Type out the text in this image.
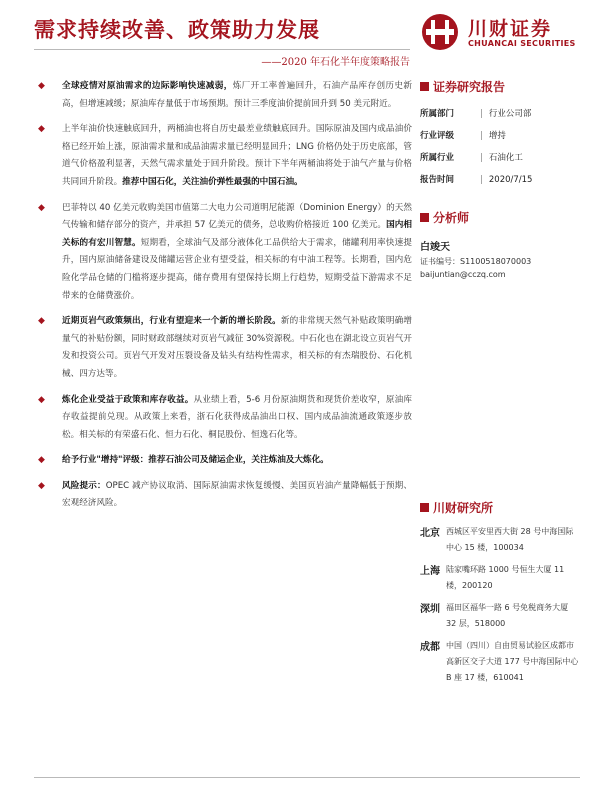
需求持续改善、政策助力发展	川财证券
CHUANCAI SECURITIES
——2020 年石化半年度策略报告
◆ 全球疫情对原油需求的边际影响快速减弱，炼厂开工率普遍回升，石油产品库存创历史新高，但增速减缓；原油库存量低于市场预期。预计三季度油价提前回升到 50 美元附近。
◆ 上半年油价快速触底回升，两桶油也将自历史最差业绩触底回升。国际原油及国内成品油价格已经开始上涨，原油需求量和成品油需求量已经明显回升；LNG 价格仍处于历史底部，管道气价格盈利显著，天然气需求量处于回升阶段。预计下半年两桶油将处于油气产量与价格共同回升阶段。推荐中国石化，关注油价弹性最强的中国石油。
◆ 巴菲特以 40 亿美元收购美国市值第二大电力公司道明尼能源（Dominion Energy）的天然气传输和储存部分的资产，并承担 57 亿美元的债务，总收购价格接近 100 亿美元。国内相关标的有宏川智慧。短期看，全球油气及部分液体化工品供给大于需求，储罐利用率快速提升，国内原油储备建设及储罐运营企业有望受益，相关标的有中油工程等。长期看，国内危险化学品仓储的门槛将逐步提高，储存费用有望保持长期上行趋势，短期受益下游需求不足带来的仓储费涨价。
◆ 近期页岩气政策频出，行业有望迎来一个新的增长阶段。新的非常规天然气补贴政策明确增量气的补贴份额，同时财政部继续对页岩气减征 30%资源税。中石化也在湖北设立页岩气开发和投资公司。页岩气开发对压裂设备及钻头有结构性需求，相关标的有杰瑞股份、石化机械、四方达等。
◆ 炼化企业受益于政策和库存收益。从业绩上看，5-6 月份原油期货和现货价差收窄，原油库存收益提前兑现。从政策上来看，浙石化获得成品油出口权、国内成品油流通政策逐步放松。相关标的有荣盛石化、恒力石化、桐昆股份、恒逸石化等。
◆ 给予行业"增持"评级：推荐石油公司及储运企业，关注炼油及大炼化。
◆ 风险提示：OPEC 减产协议取消、国际原油需求恢复缓慢、美国页岩油产量降幅低于预期、宏观经济风险。
证券研究报告
所属部门	| 行业公司部
行业评级	| 增持
所属行业	| 石油化工
报告时间	| 2020/7/15
分析师
白竣天
证书编号：S1100518070003
baijuntian@cczq.com
川财研究所
北京 西城区平安里西大街 28 号中海国际中心 15 楼，100034
上海 陆家嘴环路 1000 号恒生大厦 11 楼，200120
深圳 福田区福华一路 6 号免税商务大厦 32 层，518000
成都 中国（四川）自由贸易试验区成都市高新区交子大道 177 号中海国际中心 B 座 17 楼，610041
